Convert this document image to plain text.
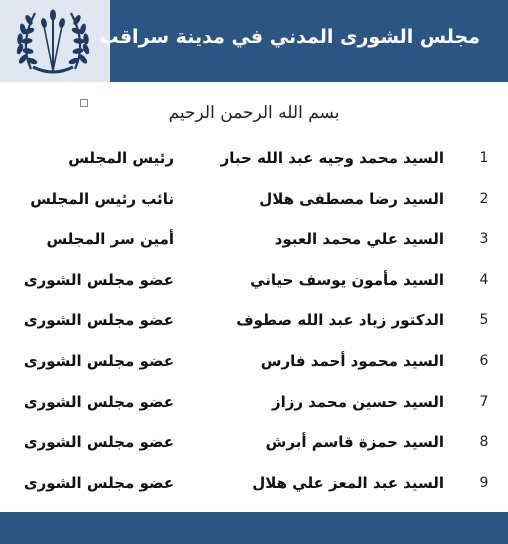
مجلس الشورى المدني في مدينة سراقب
بسم الله الرحمن الرحيم
1
السيد محمد وجيه عبد الله حبار
رئيس المجلس
2
السيد رضا مصطفى هلال
نائب رئيس المجلس
3
السيد علي محمد العبود
أمين سر المجلس
4
السيد مأمون يوسف حياني
عضو مجلس الشورى
5
الدكتور زياد عبد الله صطوف
عضو مجلس الشورى
6
السيد محمود أحمد فارس
عضو مجلس الشورى
7
السيد حسين محمد رزاز
عضو مجلس الشورى
8
السيد حمزة قاسم أبرش
عضو مجلس الشورى
9
السيد عبد المعز علي هلال
عضو مجلس الشورى
